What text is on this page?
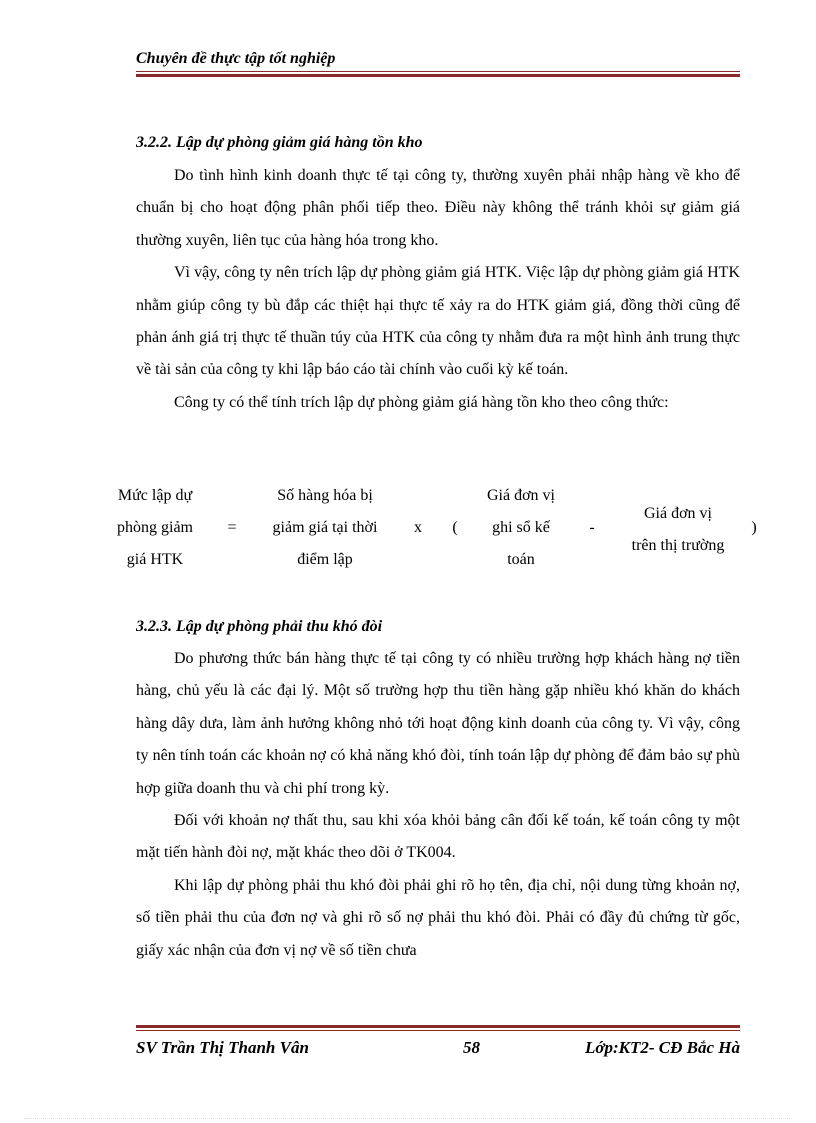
Chuyên đề thực tập tốt nghiệp
3.2.2. Lập dự phòng giảm giá hàng tồn kho

Do tình hình kinh doanh thực tế tại công ty, thường xuyên phải nhập hàng về kho để chuẩn bị cho hoạt động phân phối tiếp theo. Điều này không thể tránh khỏi sự giảm giá thường xuyên, liên tục của hàng hóa trong kho.

Vì vậy, công ty nên trích lập dự phòng giảm giá HTK. Việc lập dự phòng giảm giá HTK nhằm giúp công ty bù đắp các thiệt hại thực tế xảy ra do HTK giảm giá, đồng thời cũng để phản ánh giá trị thực tế thuần túy của HTK của công ty nhằm đưa ra một hình ảnh trung thực về tài sản của công ty khi lập báo cáo tài chính vào cuối kỳ kế toán.

Công ty có thể tính trích lập dự phòng giảm giá hàng tồn kho theo công thức:

Mức lập dự
phòng giảm
giá HTK
=
Số hàng hóa bị
giảm giá tại thời
điểm lập
x	(
Giá đơn vị
ghi sổ kế
toán
-
Giá đơn vị
trên thị trường
)
3.2.3. Lập dự phòng phải thu khó đòi

Do phương thức bán hàng thực tế tại công ty có nhiều trường hợp khách hàng nợ tiền hàng, chủ yếu là các đại lý. Một số trường hợp thu tiền hàng gặp nhiều khó khăn do khách hàng dây dưa, làm ảnh hưởng không nhỏ tới hoạt động kinh doanh của công ty. Vì vậy, công ty nên tính toán các khoản nợ có khả năng khó đòi, tính toán lập dự phòng để đảm bảo sự phù hợp giữa doanh thu và chi phí trong kỳ.

Đối với khoản nợ thất thu, sau khi xóa khỏi bảng cân đối kế toán, kế toán công ty một mặt tiến hành đòi nợ, mặt khác theo dõi ở TK004.

Khi lập dự phòng phải thu khó đòi phải ghi rõ họ tên, địa chỉ, nội dung từng khoản nợ, số tiền phải thu của đơn nợ và ghi rõ số nợ phải thu khó đòi. Phải có đầy đủ chứng từ gốc, giấy xác nhận của đơn vị nợ về số tiền chưa

SV Trần Thị Thanh Vân	58	Lớp:KT2- CĐ Bắc Hà
